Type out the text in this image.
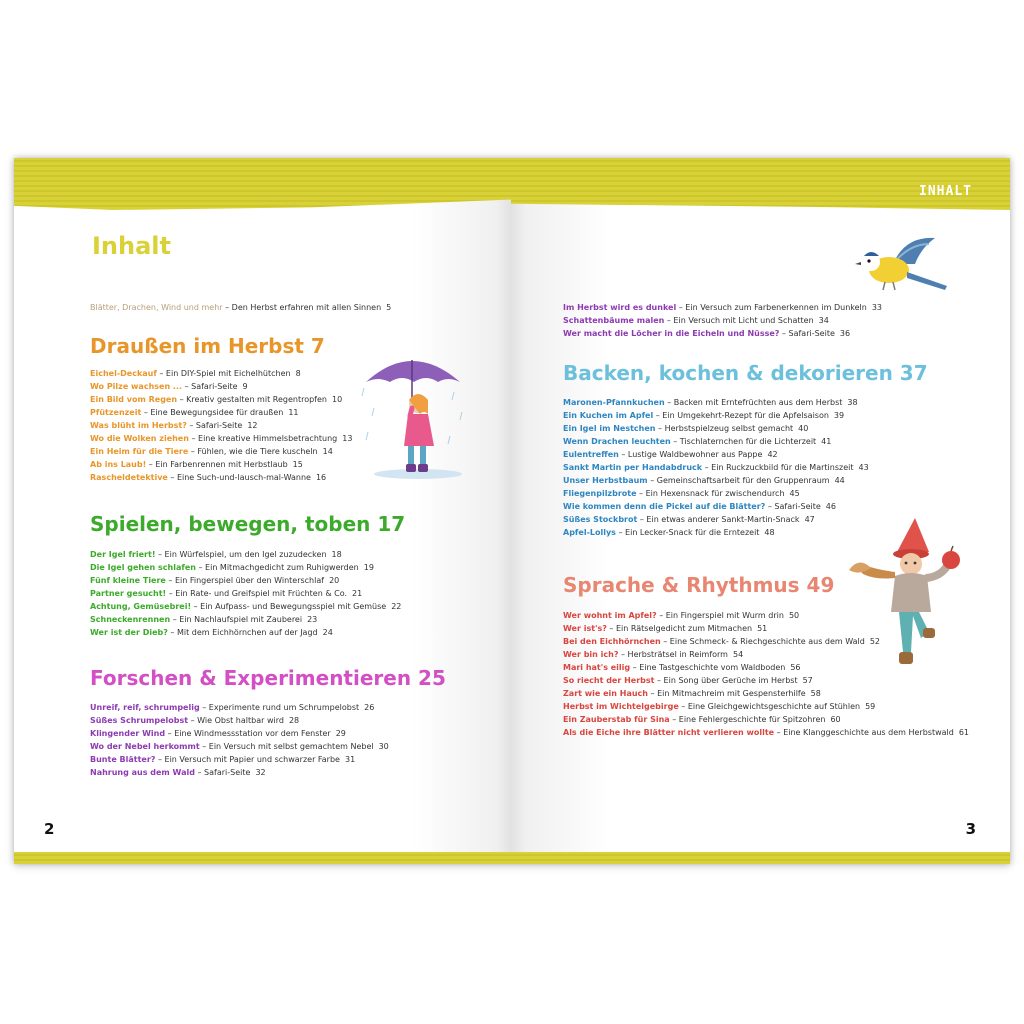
Inhalt
Blätter, Drachen, Wind und mehr – Den Herbst erfahren mit allen Sinnen 5
Draußen im Herbst 7
Eichel-Deckauf – Ein DIY-Spiel mit Eichelhütchen 8
Wo Pilze wachsen ... – Safari-Seite 9
Ein Bild vom Regen – Kreativ gestalten mit Regentropfen 10
Pfützenzeit – Eine Bewegungsidee für draußen 11
Was blüht im Herbst? – Safari-Seite 12
Wo die Wolken ziehen – Eine kreative Himmelsbetrachtung 13
Ein Heim für die Tiere – Fühlen, wie die Tiere kuscheln 14
Ab ins Laub! – Ein Farbenrennen mit Herbstlaub 15
Rascheldetektive – Eine Such-und-lausch-mal-Wanne 16
Spielen, bewegen, toben 17
Der Igel friert! – Ein Würfelspiel, um den Igel zuzudecken 18
Die Igel gehen schlafen – Ein Mitmachgedicht zum Ruhigwerden 19
Fünf kleine Tiere – Ein Fingerspiel über den Winterschlaf 20
Partner gesucht! – Ein Rate- und Greifspiel mit Früchten & Co. 21
Achtung, Gemüsebrei! – Ein Aufpass- und Bewegungsspiel mit Gemüse 22
Schneckenrennen – Ein Nachlaufspiel mit Zauberei 23
Wer ist der Dieb? – Mit dem Eichhörnchen auf der Jagd 24
Forschen & Experimentieren 25
Unreif, reif, schrumpelig – Experimente rund um Schrumpelobst 26
Süßes Schrumpelobst – Wie Obst haltbar wird 28
Klingender Wind – Eine Windmessstation vor dem Fenster 29
Wo der Nebel herkommt – Ein Versuch mit selbst gemachtem Nebel 30
Bunte Blätter? – Ein Versuch mit Papier und schwarzer Farbe 31
Nahrung aus dem Wald – Safari-Seite 32
2
INHALT
Im Herbst wird es dunkel – Ein Versuch zum Farbenerkennen im Dunkeln 33
Schattenbäume malen – Ein Versuch mit Licht und Schatten 34
Wer macht die Löcher in die Eicheln und Nüsse? – Safari-Seite 36
Backen, kochen & dekorieren 37
Maronen-Pfannkuchen – Backen mit Erntefrüchten aus dem Herbst 38
Ein Kuchen im Apfel – Ein Umgekehrt-Rezept für die Apfelsaison 39
Ein Igel im Nestchen – Herbstspielzeug selbst gemacht 40
Wenn Drachen leuchten – Tischlaternchen für die Lichterzeit 41
Eulentreffen – Lustige Waldbewohner aus Pappe 42
Sankt Martin per Handabdruck – Ein Ruckzuckbild für die Martinszeit 43
Unser Herbstbaum – Gemeinschaftsarbeit für den Gruppenraum 44
Fliegenpilzbrote – Ein Hexensnack für zwischendurch 45
Wie kommen denn die Pickel auf die Blätter? – Safari-Seite 46
Süßes Stockbrot – Ein etwas anderer Sankt-Martin-Snack 47
Apfel-Lollys – Ein Lecker-Snack für die Erntezeit 48
Sprache & Rhythmus 49
Wer wohnt im Apfel? – Ein Fingerspiel mit Wurm drin 50
Wer ist's? – Ein Rätselgedicht zum Mitmachen 51
Bei den Eichhörnchen – Eine Schmeck- & Riechgeschichte aus dem Wald 52
Wer bin ich? – Herbsträtsel in Reimform 54
Mari hat's eilig – Eine Tastgeschichte vom Waldboden 56
So riecht der Herbst – Ein Song über Gerüche im Herbst 57
Zart wie ein Hauch – Ein Mitmachreim mit Gespensterhilfe 58
Herbst im Wichtelgebirge – Eine Gleichgewichtsgeschichte auf Stühlen 59
Ein Zauberstab für Sina – Eine Fehlergeschichte für Spitzohren 60
Als die Eiche ihre Blätter nicht verlieren wollte – Eine Klanggeschichte aus dem Herbstwald 61
3
